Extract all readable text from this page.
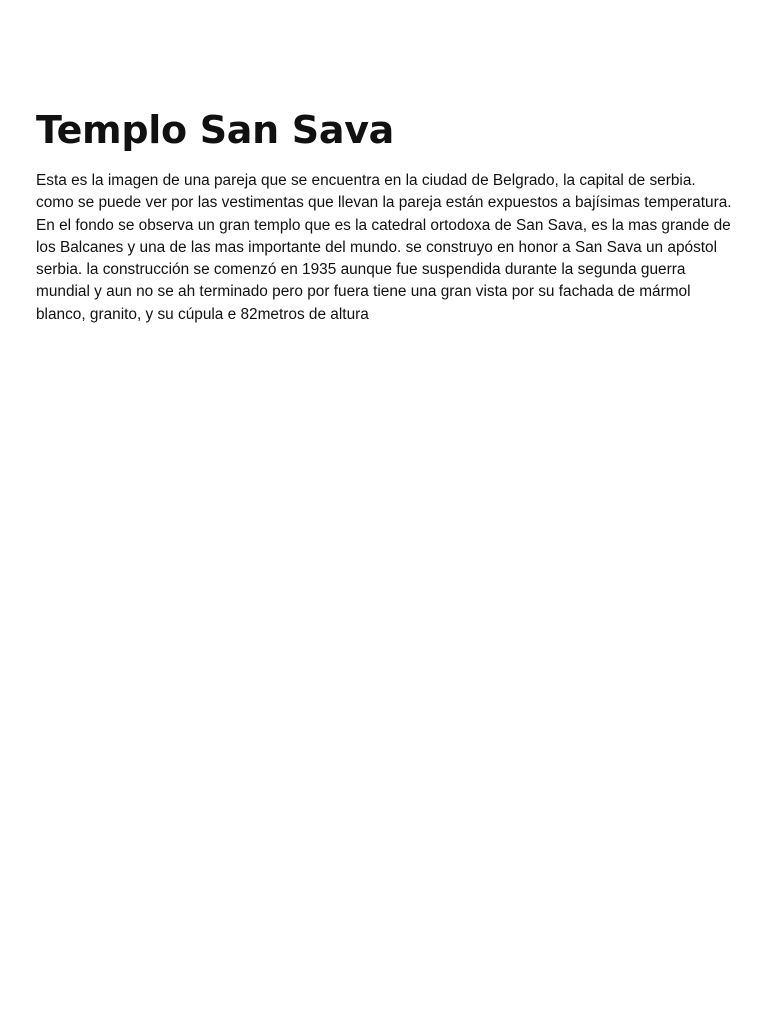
Templo San Sava

Esta es la imagen de una pareja que se encuentra en la ciudad de Belgrado, la capital de serbia. como se puede ver por las vestimentas que llevan la pareja están expuestos a bajísimas temperatura. En el fondo se observa un gran templo que es la catedral ortodoxa de San Sava, es la mas grande de los Balcanes y una de las mas importante del mundo. se construyo en honor a San Sava un apóstol serbia. la construcción se comenzó en 1935 aunque fue suspendida durante la segunda guerra mundial y aun no se ah terminado pero por fuera tiene una gran vista por su fachada de mármol blanco, granito, y su cúpula e 82metros de altura
